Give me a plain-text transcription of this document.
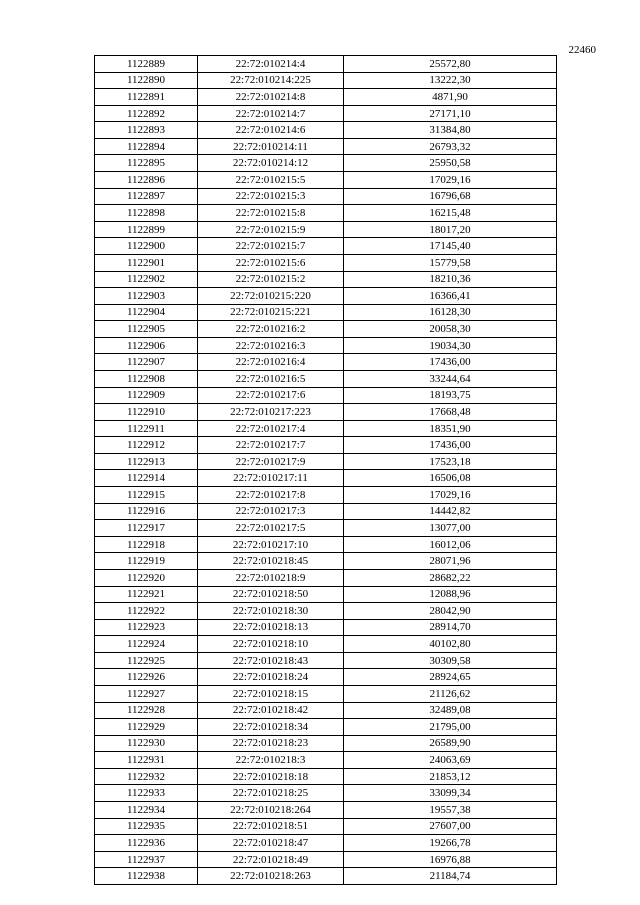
22460
1122889	22:72:010214:4	25572,80
1122890	22:72:010214:225	13222,30
1122891	22:72:010214:8	4871,90
1122892	22:72:010214:7	27171,10
1122893	22:72:010214:6	31384,80
1122894	22:72:010214:11	26793,32
1122895	22:72:010214:12	25950,58
1122896	22:72:010215:5	17029,16
1122897	22:72:010215:3	16796,68
1122898	22:72:010215:8	16215,48
1122899	22:72:010215:9	18017,20
1122900	22:72:010215:7	17145,40
1122901	22:72:010215:6	15779,58
1122902	22:72:010215:2	18210,36
1122903	22:72:010215:220	16366,41
1122904	22:72:010215:221	16128,30
1122905	22:72:010216:2	20058,30
1122906	22:72:010216:3	19034,30
1122907	22:72:010216:4	17436,00
1122908	22:72:010216:5	33244,64
1122909	22:72:010217:6	18193,75
1122910	22:72:010217:223	17668,48
1122911	22:72:010217:4	18351,90
1122912	22:72:010217:7	17436,00
1122913	22:72:010217:9	17523,18
1122914	22:72:010217:11	16506,08
1122915	22:72:010217:8	17029,16
1122916	22:72:010217:3	14442,82
1122917	22:72:010217:5	13077,00
1122918	22:72:010217:10	16012,06
1122919	22:72:010218:45	28071,96
1122920	22:72:010218:9	28682,22
1122921	22:72:010218:50	12088,96
1122922	22:72:010218:30	28042,90
1122923	22:72:010218:13	28914,70
1122924	22:72:010218:10	40102,80
1122925	22:72:010218:43	30309,58
1122926	22:72:010218:24	28924,65
1122927	22:72:010218:15	21126,62
1122928	22:72:010218:42	32489,08
1122929	22:72:010218:34	21795,00
1122930	22:72:010218:23	26589,90
1122931	22:72:010218:3	24063,69
1122932	22:72:010218:18	21853,12
1122933	22:72:010218:25	33099,34
1122934	22:72:010218:264	19557,38
1122935	22:72:010218:51	27607,00
1122936	22:72:010218:47	19266,78
1122937	22:72:010218:49	16976,88
1122938	22:72:010218:263	21184,74
